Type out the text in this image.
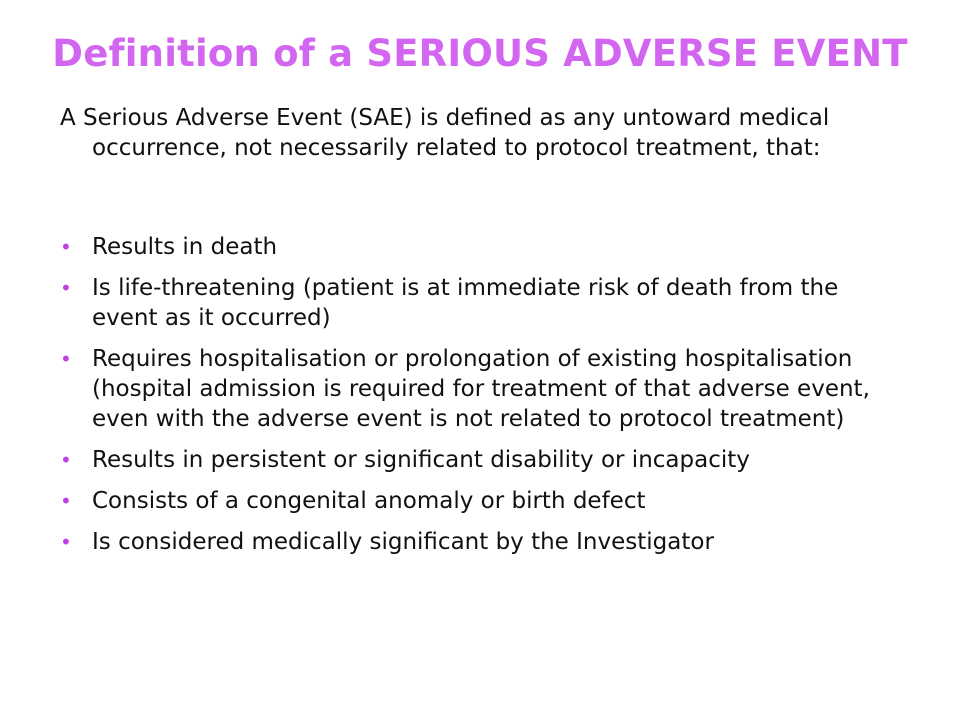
Definition of a SERIOUS ADVERSE EVENT
A Serious Adverse Event (SAE) is defined as any untoward medical occurrence, not necessarily related to protocol treatment, that:
• Results in death
• Is life-threatening (patient is at immediate risk of death from the event as it occurred)
• Requires hospitalisation or prolongation of existing hospitalisation (hospital admission is required for treatment of that adverse event, even with the adverse event is not related to protocol treatment)
• Results in persistent or significant disability or incapacity
• Consists of a congenital anomaly or birth defect
• Is considered medically significant by the Investigator
